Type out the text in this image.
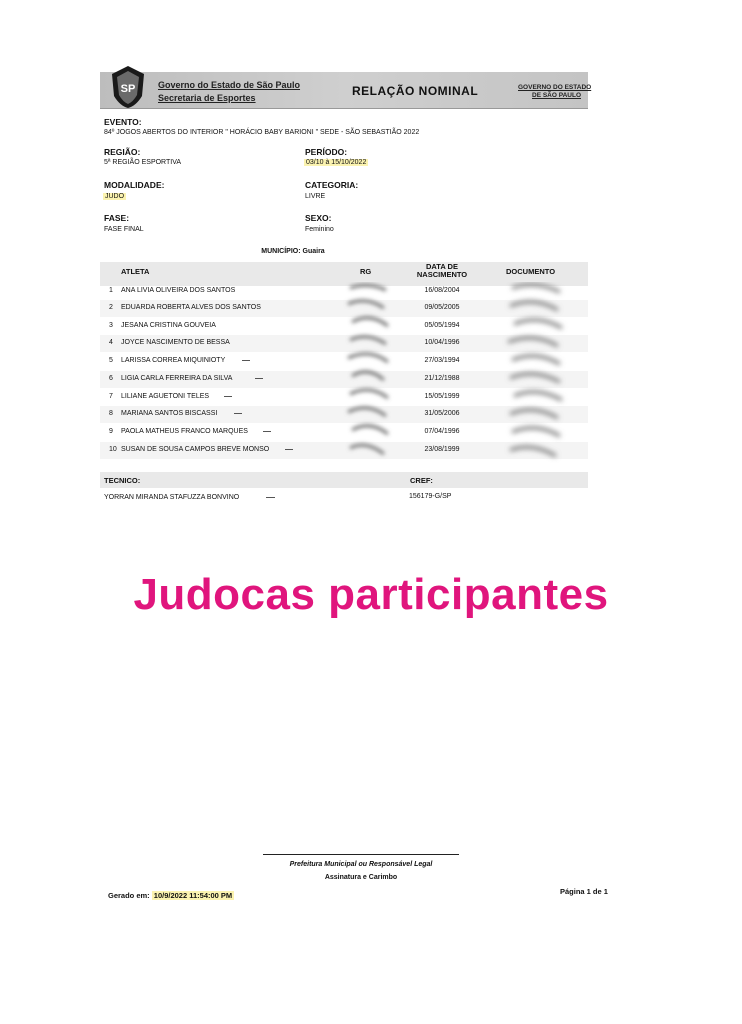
SP	Governo do Estado de São Paulo
Secretaria de Esportes	RELAÇÃO NOMINAL	GOVERNO DO ESTADO
DE SÃO PAULO
EVENTO:
84º JOGOS ABERTOS DO INTERIOR " HORÁCIO BABY BARIONI " SEDE - SÃO SEBASTIÃO 2022
REGIÃO:
5ª REGIÃO ESPORTIVA
PERÍODO:
03/10 à 15/10/2022
MODALIDADE:
JUDO
CATEGORIA:
LIVRE
FASE:
FASE FINAL
SEXO:
Feminino
MUNICÍPIO: Guaira
ATLETA	RG
DATA DE
NASCIMENTO	DOCUMENTO
1 ANA LIVIA OLIVEIRA DOS SANTOS	16/08/2004
2 EDUARDA ROBERTA ALVES DOS SANTOS	09/05/2005
3 JESANA CRISTINA GOUVEIA	05/05/1994
4 JOYCE NASCIMENTO DE BESSA	10/04/1996
5 LARISSA CORREA MIQUINIOTY	27/03/1994
6 LIGIA CARLA FERREIRA DA SILVA	21/12/1988
7 LILIANE AGUETONI TELES	15/05/1999
8 MARIANA SANTOS BISCASSI	31/05/2006
9 PAOLA MATHEUS FRANCO MARQUES	07/04/1996
10 SUSAN DE SOUSA CAMPOS BREVE MONSO	23/08/1999
TECNICO:	CREF:
YORRAN MIRANDA STAFUZZA BONVINO	156179-G/SP
Judocas participantes
Prefeitura Municipal ou Responsável Legal
Assinatura e Carimbo
Gerado em: 10/9/2022 11:54:00 PM	Página 1 de 1
